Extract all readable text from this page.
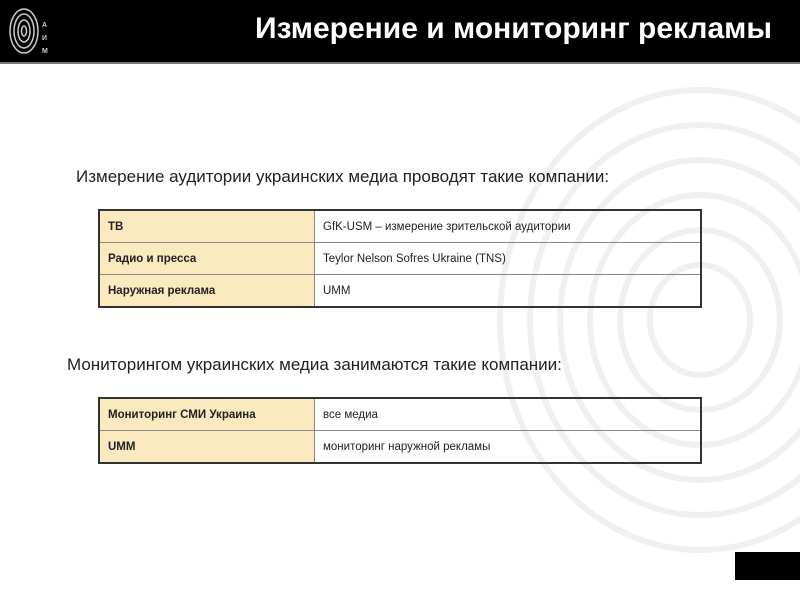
А
И
М
Измерение и мониторинг рекламы
Измерение аудитории украинских медиа проводят такие компании:
ТВ	GfK-USM – измерение зрительской аудитории
Радио и пресса	Teylor Nelson Sofres Ukraine (TNS)
Наружная реклама	UMM
Мониторингом украинских медиа занимаются такие компании:
Мониторинг СМИ Украина	все медиа
UMM	мониторинг наружной рекламы
